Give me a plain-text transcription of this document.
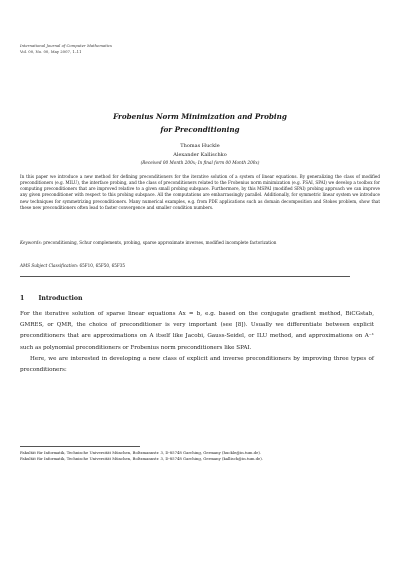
International Journal of Computer Mathematics
Vol. 00, No. 00, May 2007, 1–11
Frobenius Norm Minimization and Probing
for Preconditioning
Thomas Huckle
Alexander Kallischko
(Received 00 Month 200x; In final form 00 Month 200x)
In this paper we introduce a new method for defining preconditioners for the iterative solution of a system of linear equations. By generalizing the class of modified preconditioners (e.g. MILU), the interface probing, and the class of preconditioners related to the Frobenius norm minimization (e.g. FSAI, SPAI) we develop a toolbox for computing preconditioners that are improved relative to a given small probing subspace. Furthermore, by this MSPAI (modified SPAI) probing approach we can improve any given preconditioner with respect to this probing subspace. All the computations are embarrassingly parallel. Additionally, for symmetric linear system we introduce new techniques for symmetrizing preconditioners. Many numerical examples, e.g. from PDE applications such as domain decomposition and Stokes problem, show that these new preconditioners often lead to faster convergence and smaller condition numbers.
Keywords: preconditioning, Schur complements, probing, sparse approximate inverses, modified incomplete factorization
AMS Subject Classification: 65F10, 65F50, 65F35
1 Introduction

For the iterative solution of sparse linear equations Ax = b, e.g. based on the conjugate gradient method, BiCGstab, GMRES, or QMR, the choice of preconditioner is very important (see [8]). Usually we differentiate between explicit preconditioners that are approximations on A itself like Jacobi, Gauss-Seidel, or ILU method, and approximations on A⁻¹ such as polynomial preconditioners or Frobenius norm preconditioners like SPAI.

Here, we are interested in developing a new class of explicit and inverse preconditioners by improving three types of preconditioners:

Fakultät für Informatik, Technische Universität München, Boltzmannstr. 3, D-85748 Garching, Germany (huckle@in.tum.de).

Fakultät für Informatik, Technische Universität München, Boltzmannstr. 3, D-85748 Garching, Germany (kallisch@in.tum.de).
